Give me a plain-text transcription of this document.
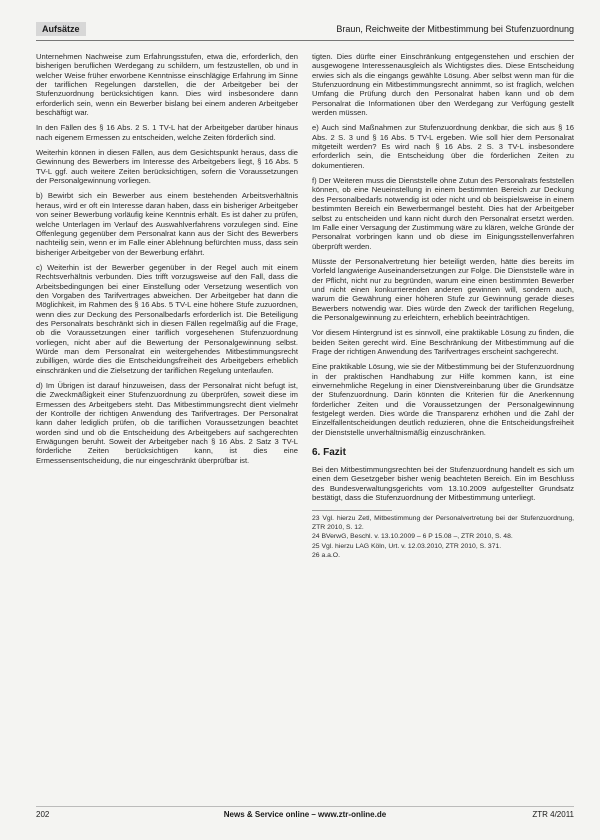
Aufsätze	Braun, Reichweite der Mitbestimmung bei Stufenzuordnung

Unternehmen Nachweise zum Erfahrungsstufen, etwa die, erforderlich, den bisherigen beruflichen Werdegang zu schildern, um festzustellen, ob und in welcher Weise früher erworbene Kenntnisse einschlägige Erfahrung im Sinne der tariflichen Regelungen darstellen, die der Arbeitgeber bei der Stufenzuordnung berücksichtigen kann. Dies wird insbesondere dann erforderlich sein, wenn ein Bewerber bislang bei einem anderen Arbeitgeber beschäftigt war.

In den Fällen des § 16 Abs. 2 S. 1 TV-L hat der Arbeitgeber darüber hinaus nach eigenem Ermessen zu entscheiden, welche Zeiten förderlich sind.

Weiterhin können in diesen Fällen, aus dem Gesichtspunkt heraus, dass die Gewinnung des Bewerbers im Interesse des Arbeitgebers liegt, § 16 Abs. 5 TV-L ggf. auch weitere Zeiten berücksichtigen, sofern die Voraussetzungen der Personalgewinnung vorliegen.

b) Bewirbt sich ein Bewerber aus einem bestehenden Arbeitsverhältnis heraus, wird er oft ein Interesse daran haben, dass ein bisheriger Arbeitgeber von seiner Bewerbung vorläufig keine Kenntnis erhält. Es ist daher zu prüfen, welche Unterlagen im Verlauf des Auswahlverfahrens vorzulegen sind. Eine Offenlegung gegenüber dem Personalrat kann aus der Sicht des Bewerbers nachteilig sein, wenn er im Falle einer Ablehnung befürchten muss, dass sein bisheriger Arbeitgeber von der Bewerbung erfährt.

c) Weiterhin ist der Bewerber gegenüber in der Regel auch mit einem Rechtsverhältnis verbunden. Dies trifft vorzugsweise auf den Fall, dass die Arbeitsbedingungen bei einer Einstellung oder Versetzung wesentlich von den Vorgaben des Tarifvertrages abweichen. Der Arbeitgeber hat dann die Möglichkeit, im Rahmen des § 16 Abs. 5 TV-L eine höhere Stufe zuzuordnen, wenn dies zur Deckung des Personalbedarfs erforderlich ist. Die Beteiligung des Personalrats beschränkt sich in diesen Fällen regelmäßig auf die Frage, ob die Voraussetzungen einer tariflich vorgesehenen Stufenzuordnung vorliegen, nicht aber auf die Bewertung der Personalgewinnung selbst. Würde man dem Personalrat ein weitergehendes Mitbestimmungsrecht zubilligen, würde dies die Entscheidungsfreiheit des Arbeitgebers erheblich einschränken und die Zielsetzung der tariflichen Regelung unterlaufen.

d) Im Übrigen ist darauf hinzuweisen, dass der Personalrat nicht befugt ist, die Zweckmäßigkeit einer Stufenzuordnung zu überprüfen, soweit diese im Ermessen des Arbeitgebers steht. Das Mitbestimmungsrecht dient vielmehr der Kontrolle der richtigen Anwendung des Tarifvertrages. Der Personalrat kann daher lediglich prüfen, ob die tariflichen Voraussetzungen beachtet worden sind und ob die Entscheidung des Arbeitgebers auf sachgerechten Erwägungen beruht. Soweit der Arbeitgeber nach § 16 Abs. 2 Satz 3 TV-L förderliche Zeiten berücksichtigen kann, ist dies eine Ermessensentscheidung, die nur eingeschränkt überprüfbar ist.

tigten. Dies dürfte einer Einschränkung entgegenstehen und erschien der ausgewogene Interessenausgleich als Wichtigstes dies. Diese Entscheidung erwies sich als die eingangs gewählte Lösung. Aber selbst wenn man für die Stufenzuordnung ein Mitbestimmungsrecht annimmt, so ist fraglich, welchen Umfang die Prüfung durch den Personalrat haben kann und ob dem Personalrat die Informationen über den Werdegang zur Verfügung gestellt werden müssen.

e) Auch sind Maßnahmen zur Stufenzuordnung denkbar, die sich aus § 16 Abs. 2 S. 3 und § 16 Abs. 5 TV-L ergeben. Wie soll hier dem Personalrat mitgeteilt werden? Es wird nach § 16 Abs. 2 S. 3 TV-L insbesondere erforderlich sein, die Entscheidung über die förderlichen Zeiten zu dokumentieren.

f) Der Weiteren muss die Dienststelle ohne Zutun des Personalrats feststellen können, ob eine Neueinstellung in einem bestimmten Bereich zur Deckung des Personalbedarfs notwendig ist oder nicht und ob beispielsweise in einem bestimmten Bereich ein Bewerbermangel besteht. Dies hat der Arbeitgeber selbst zu entscheiden und kann nicht durch den Personalrat ersetzt werden. Im Falle einer Versagung der Zustimmung wäre zu klären, welche Gründe der Personalrat vorbringen kann und ob diese im Einigungsstellenverfahren überprüft werden.

Müsste der Personalvertretung hier beteiligt werden, hätte dies bereits im Vorfeld langwierige Auseinandersetzungen zur Folge. Die Dienststelle wäre in der Pflicht, nicht nur zu begründen, warum eine einen bestimmten Bewerber und nicht einen konkurrierenden anderen gewinnen will, sondern auch, warum die Gewährung einer höheren Stufe zur Gewinnung gerade dieses Bewerbers notwendig war. Dies würde den Zweck der tariflichen Regelung, die Personalgewinnung zu erleichtern, erheblich beeinträchtigen.

Vor diesem Hintergrund ist es sinnvoll, eine praktikable Lösung zu finden, die beiden Seiten gerecht wird. Eine Beschränkung der Mitbestimmung auf die Frage der richtigen Anwendung des Tarifvertrages erscheint sachgerecht.

Eine praktikable Lösung, wie sie der Mitbestimmung bei der Stufenzuordnung in der praktischen Handhabung zur Hilfe kommen kann, ist eine einvernehmliche Regelung in einer Dienstvereinbarung über die Grundsätze der Stufenzuordnung. Darin könnten die Kriterien für die Anerkennung förderlicher Zeiten und die Voraussetzungen der Personalgewinnung festgelegt werden. Dies würde die Transparenz erhöhen und die Zahl der Einzelfallentscheidungen deutlich reduzieren, ohne die Entscheidungsfreiheit der Dienststelle unverhältnismäßig einzuschränken.

6. Fazit

Bei den Mitbestimmungsrechten bei der Stufenzuordnung handelt es sich um einen dem Gesetzgeber bisher wenig beachteten Bereich. Ein im Beschluss des Bundesverwaltungsgerichts vom 13.10.2009 aufgestellter Grundsatz bestätigt, dass die Stufenzuordnung der Mitbestimmung unterliegt.

23 Vgl. hierzu Zetl, Mitbestimmung der Personalvertretung bei der Stufenzuordnung, ZTR 2010, S. 12.
24 BVerwG, Beschl. v. 13.10.2009 – 6 P 15.08 –, ZTR 2010, S. 48.
25 Vgl. hierzu LAG Köln, Urt. v. 12.03.2010, ZTR 2010, S. 371.
26 a.a.O.
202	News & Service online – www.ztr-online.de	ZTR 4/2011
